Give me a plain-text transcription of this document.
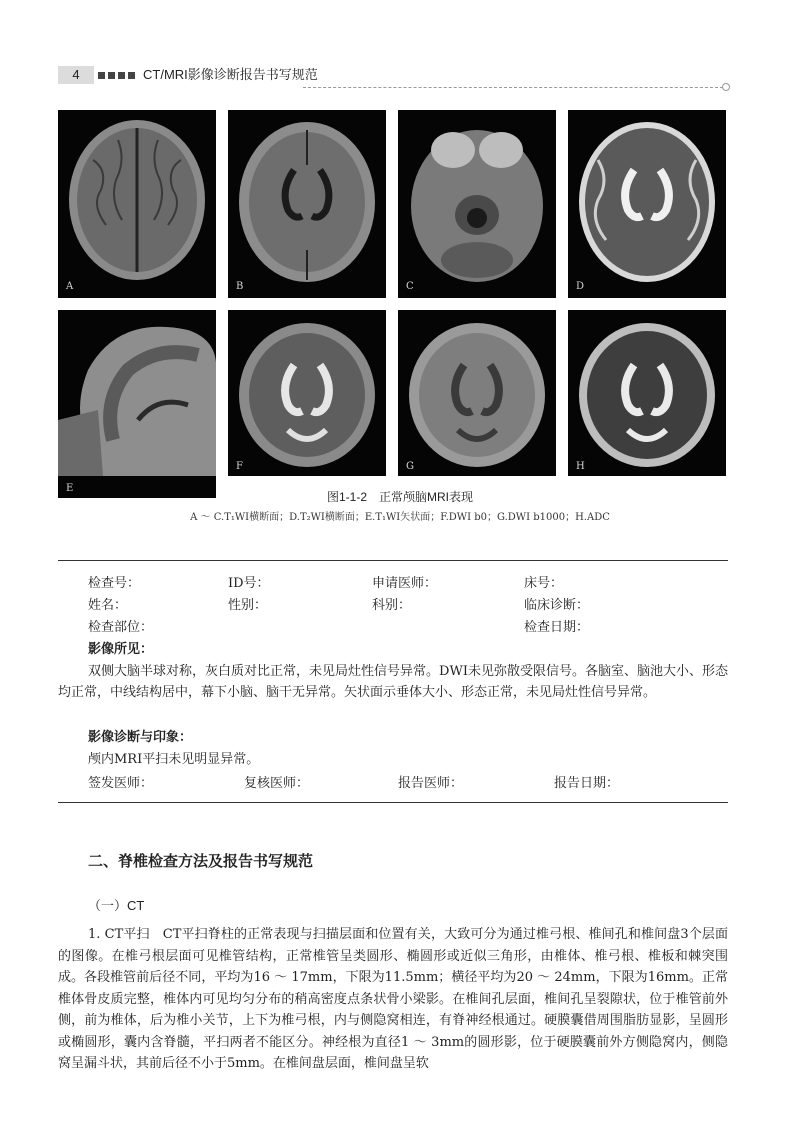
4	CT/MRI影像诊断报告书写规范
A	B	C	D
E
F	G	H
图1-1-2　正常颅脑MRI表现
A ～ C.T₁WI横断面；D.T₂WI横断面；E.T₁WI矢状面；F.DWI b0；G.DWI b1000；H.ADC
检查号：	ID号：	申请医师：	床号：
姓名：	性别：	科别：	临床诊断：
检查部位：	检查日期：
影像所见：
双侧大脑半球对称，灰白质对比正常，未见局灶性信号异常。DWI未见弥散受限信号。各脑室、脑池大小、形态均正常，中线结构居中，幕下小脑、脑干无异常。矢状面示垂体大小、形态正常，未见局灶性信号异常。
影像诊断与印象：
颅内MRI平扫未见明显异常。
签发医师：	复核医师：	报告医师：	报告日期：
二、脊椎检查方法及报告书写规范
（一）CT
1. CT平扫　CT平扫脊柱的正常表现与扫描层面和位置有关，大致可分为通过椎弓根、椎间孔和椎间盘3个层面的图像。在椎弓根层面可见椎管结构，正常椎管呈类圆形、椭圆形或近似三角形，由椎体、椎弓根、椎板和棘突围成。各段椎管前后径不同，平均为16 ～ 17mm，下限为11.5mm；横径平均为20 ～ 24mm，下限为16mm。正常椎体骨皮质完整，椎体内可见均匀分布的稍高密度点条状骨小梁影。在椎间孔层面，椎间孔呈裂隙状，位于椎管前外侧，前为椎体，后为椎小关节，上下为椎弓根，内与侧隐窝相连，有脊神经根通过。硬膜囊借周围脂肪显影，呈圆形或椭圆形，囊内含脊髓，平扫两者不能区分。神经根为直径1 ～ 3mm的圆形影，位于硬膜囊前外方侧隐窝内，侧隐窝呈漏斗状，其前后径不小于5mm。在椎间盘层面，椎间盘呈软
